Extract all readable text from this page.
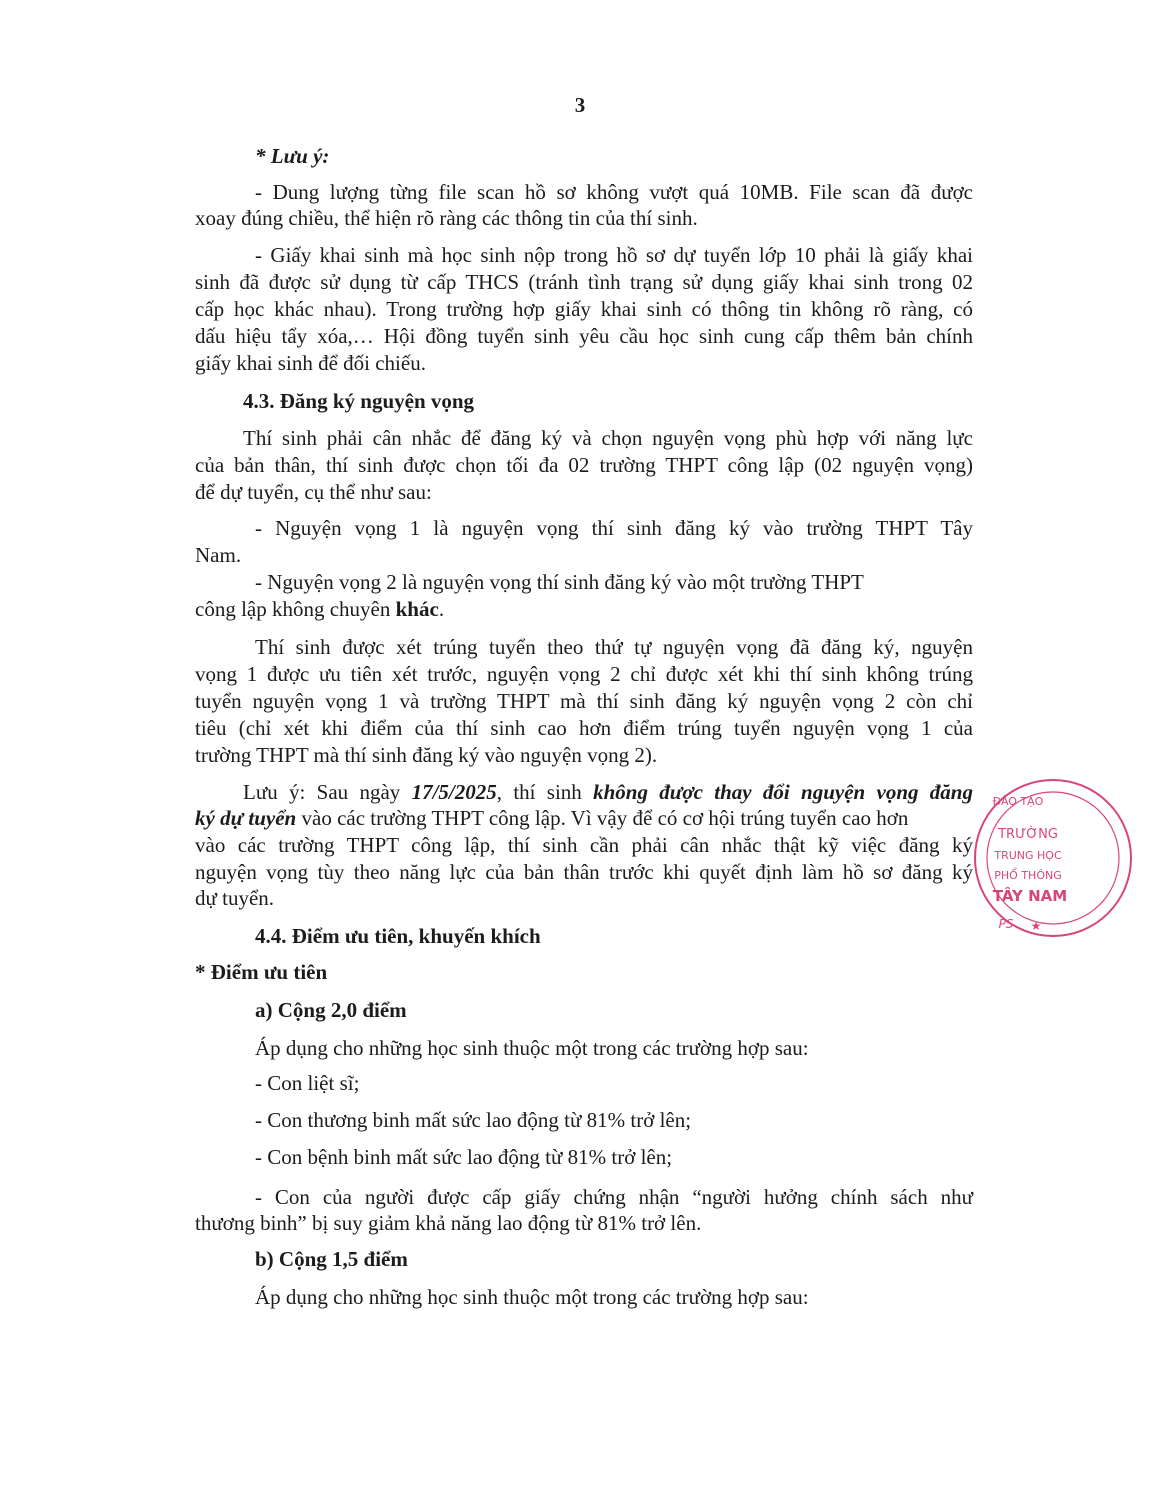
3
* Lưu ý:
- Dung lượng từng file scan hồ sơ không vượt quá 10MB. File scan đã được
xoay đúng chiều, thể hiện rõ ràng các thông tin của thí sinh.
- Giấy khai sinh mà học sinh nộp trong hồ sơ dự tuyển lớp 10 phải là giấy khai
sinh đã được sử dụng từ cấp THCS (tránh tình trạng sử dụng giấy khai sinh trong 02
cấp học khác nhau). Trong trường hợp giấy khai sinh có thông tin không rõ ràng, có
dấu hiệu tẩy xóa,… Hội đồng tuyển sinh yêu cầu học sinh cung cấp thêm bản chính
giấy khai sinh để đối chiếu.
4.3. Đăng ký nguyện vọng
Thí sinh phải cân nhắc để đăng ký và chọn nguyện vọng phù hợp với năng lực
của bản thân, thí sinh được chọn tối đa 02 trường THPT công lập (02 nguyện vọng)
để dự tuyển, cụ thể như sau:
- Nguyện vọng 1 là nguyện vọng thí sinh đăng ký vào trường THPT Tây
Nam.
- Nguyện vọng 2 là nguyện vọng thí sinh đăng ký vào một trường THPT
công lập không chuyên khác.
Thí sinh được xét trúng tuyển theo thứ tự nguyện vọng đã đăng ký, nguyện
vọng 1 được ưu tiên xét trước, nguyện vọng 2 chỉ được xét khi thí sinh không trúng
tuyển nguyện vọng 1 và trường THPT mà thí sinh đăng ký nguyện vọng 2 còn chỉ
tiêu (chỉ xét khi điểm của thí sinh cao hơn điểm trúng tuyển nguyện vọng 1 của
trường THPT mà thí sinh đăng ký vào nguyện vọng 2).
Lưu ý: Sau ngày 17/5/2025, thí sinh không được thay đổi nguyện vọng đăng
ký dự tuyển vào các trường THPT công lập. Vì vậy để có cơ hội trúng tuyển cao hơn
vào các trường THPT công lập, thí sinh cần phải cân nhắc thật kỹ việc đăng ký
nguyện vọng tùy theo năng lực của bản thân trước khi quyết định làm hồ sơ đăng ký
dự tuyển.
4.4. Điểm ưu tiên, khuyến khích
* Điểm ưu tiên
a) Cộng 2,0 điểm
Áp dụng cho những học sinh thuộc một trong các trường hợp sau:
- Con liệt sĩ;
- Con thương binh mất sức lao động từ 81% trở lên;
- Con bệnh binh mất sức lao động từ 81% trở lên;
- Con của người được cấp giấy chứng nhận “người hưởng chính sách như
thương binh” bị suy giảm khả năng lao động từ 81% trở lên.
b) Cộng 1,5 điểm
Áp dụng cho những học sinh thuộc một trong các trường hợp sau:
ĐÀO TẠO
TRƯỜNG
TRUNG HỌC
PHỔ THÔNG
TÂY NAM
PS ★
